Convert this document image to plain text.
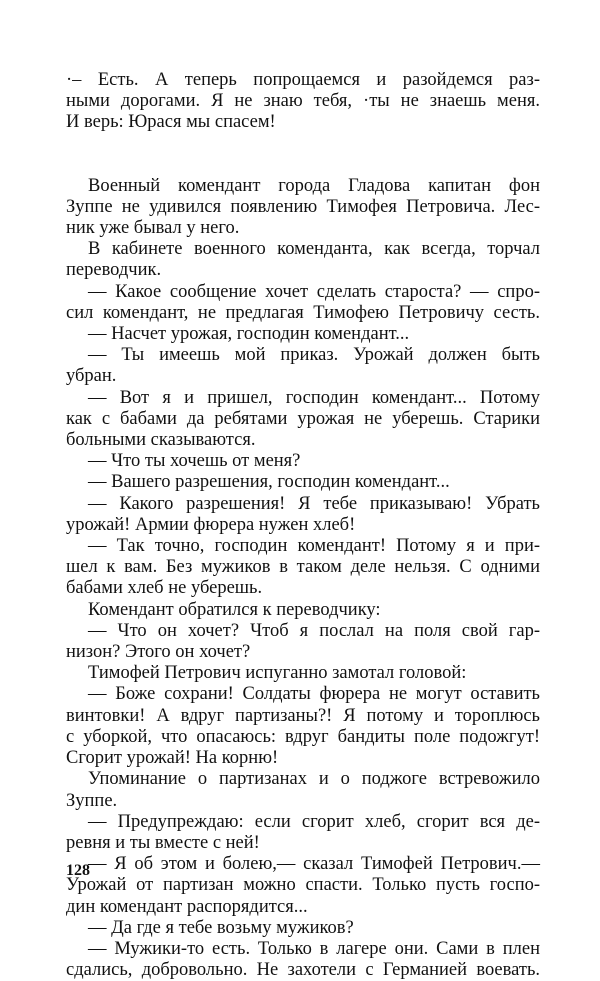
·– Есть. А теперь попрощаемся и разойдемся раз-
ными дорогами. Я не знаю тебя, ·ты не знаешь меня.
И верь: Юрася мы спасем!
Военный комендант города Гладова капитан фон
Зуппе не удивился появлению Тимофея Петровича. Лес-
ник уже бывал у него.
В кабинете военного коменданта, как всегда, торчал
переводчик.
— Какое сообщение хочет сделать староста? — спро-
сил комендант, не предлагая Тимофею Петровичу сесть.
— Насчет урожая, господин комендант...
— Ты имеешь мой приказ. Урожай должен быть
убран.
— Вот я и пришел, господин комендант... Потому
как с бабами да ребятами урожая не уберешь. Старики
больными сказываются.
— Что ты хочешь от меня?
— Вашего разрешения, господин комендант...
— Какого разрешения! Я тебе приказываю! Убрать
урожай! Армии фюрера нужен хлеб!
— Так точно, господин комендант! Потому я и при-
шел к вам. Без мужиков в таком деле нельзя. С одними
бабами хлеб не уберешь.
Комендант обратился к переводчику:
— Что он хочет? Чтоб я послал на поля свой гар-
низон? Этого он хочет?
Тимофей Петрович испуганно замотал головой:
— Боже сохрани! Солдаты фюрера не могут оставить
винтовки! А вдруг партизаны?! Я потому и тороплюсь
с уборкой, что опасаюсь: вдруг бандиты поле подожгут!
Сгорит урожай! На корню!
Упоминание о партизанах и о поджоге встревожило
Зуппе.
— Предупреждаю: если сгорит хлеб, сгорит вся де-
ревня и ты вместе с ней!
— Я об этом и болею,— сказал Тимофей Петрович.—
Урожай от партизан можно спасти. Только пусть госпо-
дин комендант распорядится...
— Да где я тебе возьму мужиков?
— Мужики-то есть. Только в лагере они. Сами в плен
сдались, добровольно. Не захотели с Германией воевать.
128
